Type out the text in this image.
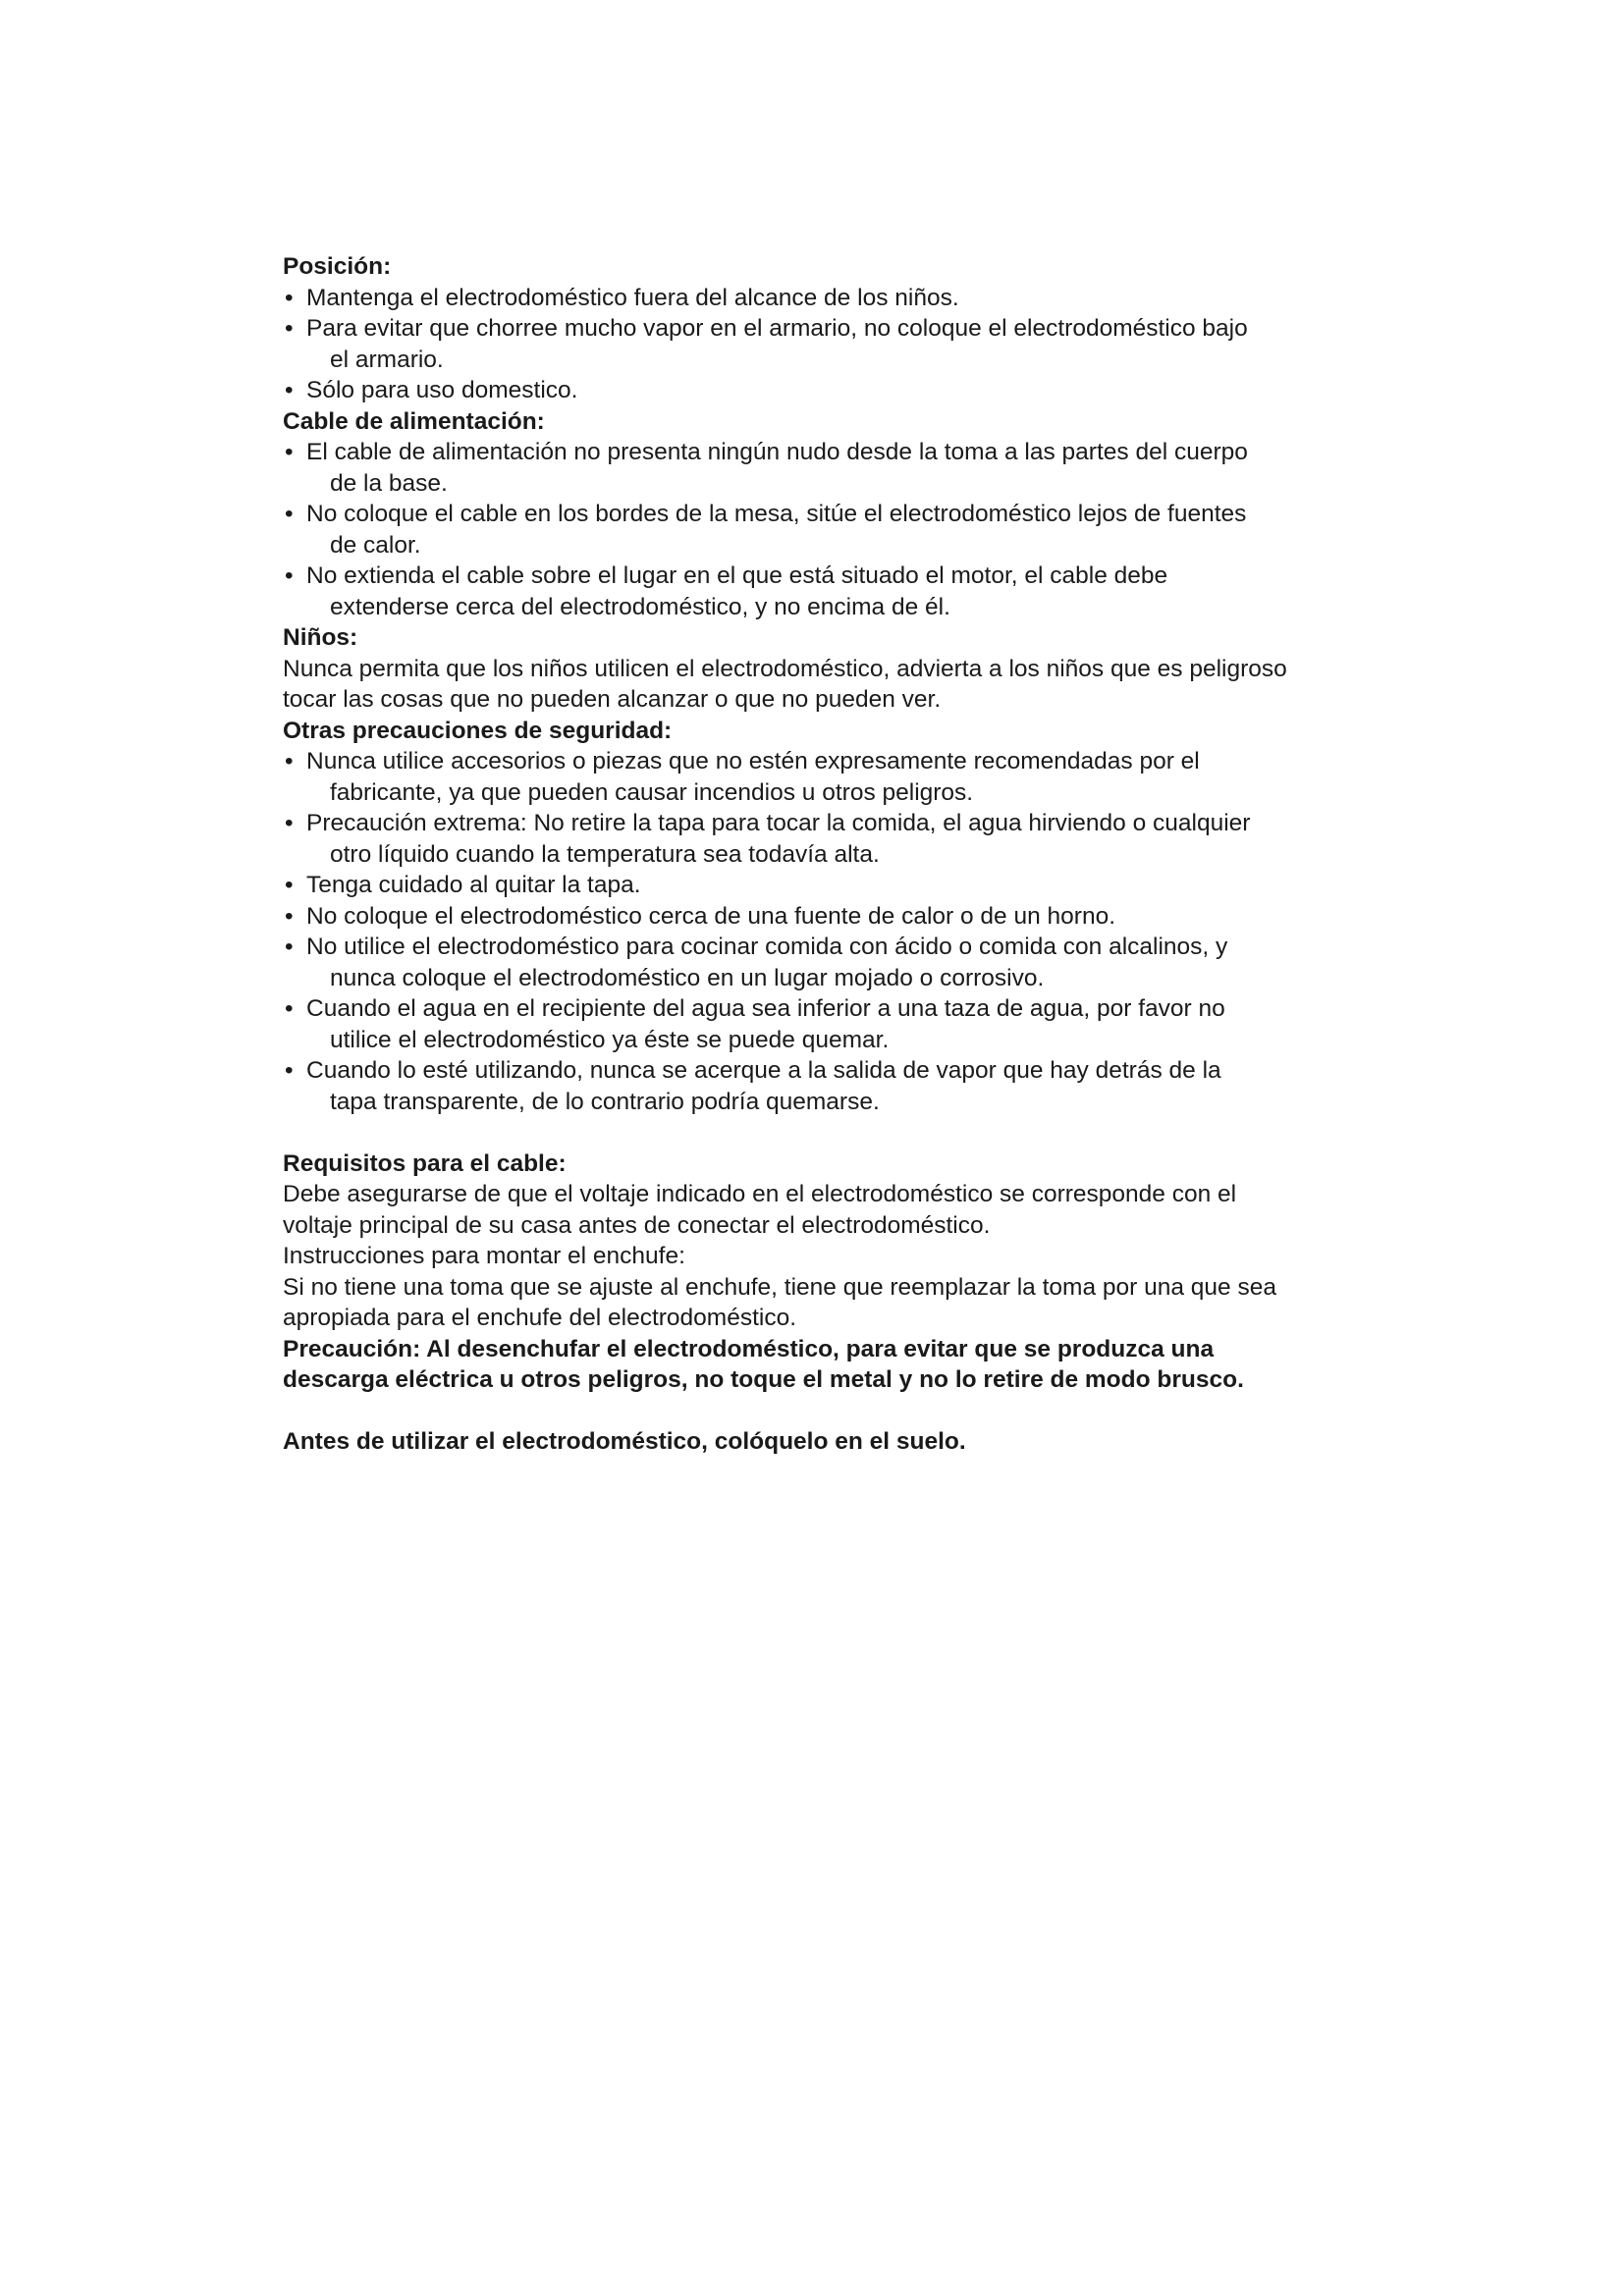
Posición:

• Mantenga el electrodoméstico fuera del alcance de los niños.
• Para evitar que chorree mucho vapor en el armario, no coloque el electrodoméstico bajo
el armario.
• Sólo para uso domestico.

Cable de alimentación:

• El cable de alimentación no presenta ningún nudo desde la toma a las partes del cuerpo
de la base.
• No coloque el cable en los bordes de la mesa, sitúe el electrodoméstico lejos de fuentes
de calor.
• No extienda el cable sobre el lugar en el que está situado el motor, el cable debe
extenderse cerca del electrodoméstico, y no encima de él.

Niños:

Nunca permita que los niños utilicen el electrodoméstico, advierta a los niños que es peligroso
tocar las cosas que no pueden alcanzar o que no pueden ver.

Otras precauciones de seguridad:

• Nunca utilice accesorios o piezas que no estén expresamente recomendadas por el
fabricante, ya que pueden causar incendios u otros peligros.
• Precaución extrema: No retire la tapa para tocar la comida, el agua hirviendo o cualquier
otro líquido cuando la temperatura sea todavía alta.
• Tenga cuidado al quitar la tapa.
• No coloque el electrodoméstico cerca de una fuente de calor o de un horno.
• No utilice el electrodoméstico para cocinar comida con ácido o comida con alcalinos, y
nunca coloque el electrodoméstico en un lugar mojado o corrosivo.
• Cuando el agua en el recipiente del agua sea inferior a una taza de agua, por favor no
utilice el electrodoméstico ya éste se puede quemar.
• Cuando lo esté utilizando, nunca se acerque a la salida de vapor que hay detrás de la
tapa transparente, de lo contrario podría quemarse.

Requisitos para el cable:

Debe asegurarse de que el voltaje indicado en el electrodoméstico se corresponde con el
voltaje principal de su casa antes de conectar el electrodoméstico.

Instrucciones para montar el enchufe:

Si no tiene una toma que se ajuste al enchufe, tiene que reemplazar la toma por una que sea
apropiada para el enchufe del electrodoméstico.

Precaución: Al desenchufar el electrodoméstico, para evitar que se produzca una
descarga eléctrica u otros peligros, no toque el metal y no lo retire de modo brusco.

Antes de utilizar el electrodoméstico, colóquelo en el suelo.
